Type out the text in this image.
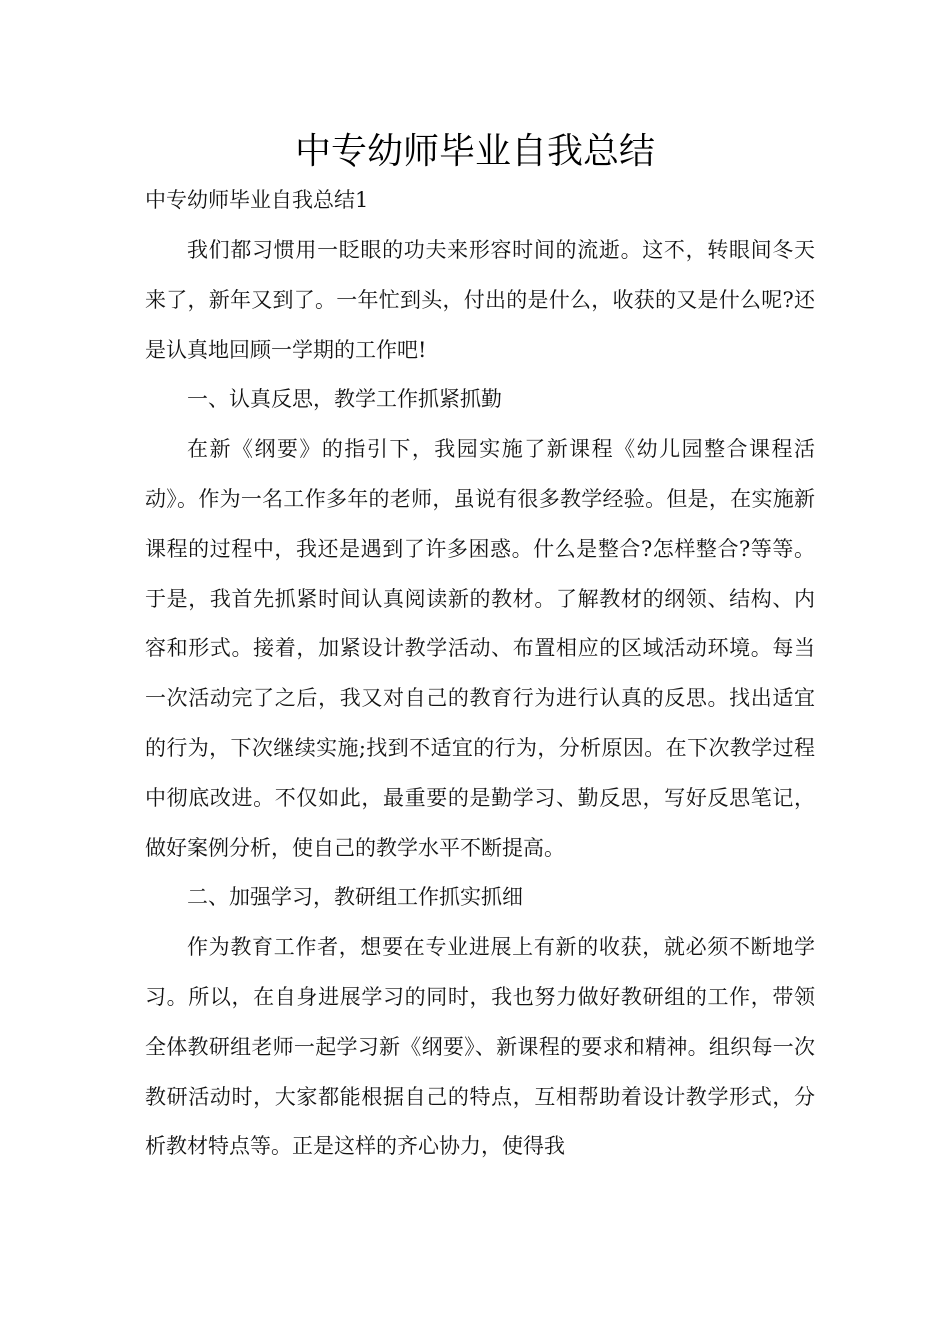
中专幼师毕业自我总结
中专幼师毕业自我总结1

我们都习惯用一眨眼的功夫来形容时间的流逝。这不，转眼间冬天来了，新年又到了。一年忙到头，付出的是什么，收获的又是什么呢?还是认真地回顾一学期的工作吧!

一、认真反思，教学工作抓紧抓勤

在新《纲要》的指引下，我园实施了新课程《幼儿园整合课程活动》。作为一名工作多年的老师，虽说有很多教学经验。但是，在实施新课程的过程中，我还是遇到了许多困惑。什么是整合?怎样整合?等等。于是，我首先抓紧时间认真阅读新的教材。了解教材的纲领、结构、内容和形式。接着，加紧设计教学活动、布置相应的区域活动环境。每当一次活动完了之后，我又对自己的教育行为进行认真的反思。找出适宜的行为，下次继续实施;找到不适宜的行为，分析原因。在下次教学过程中彻底改进。不仅如此，最重要的是勤学习、勤反思，写好反思笔记，做好案例分析，使自己的教学水平不断提高。

二、加强学习，教研组工作抓实抓细

作为教育工作者，想要在专业进展上有新的收获，就必须不断地学习。所以，在自身进展学习的同时，我也努力做好教研组的工作，带领全体教研组老师一起学习新《纲要》、新课程的要求和精神。组织每一次教研活动时，大家都能根据自己的特点，互相帮助着设计教学形式，分析教材特点等。正是这样的齐心协力，使得我
